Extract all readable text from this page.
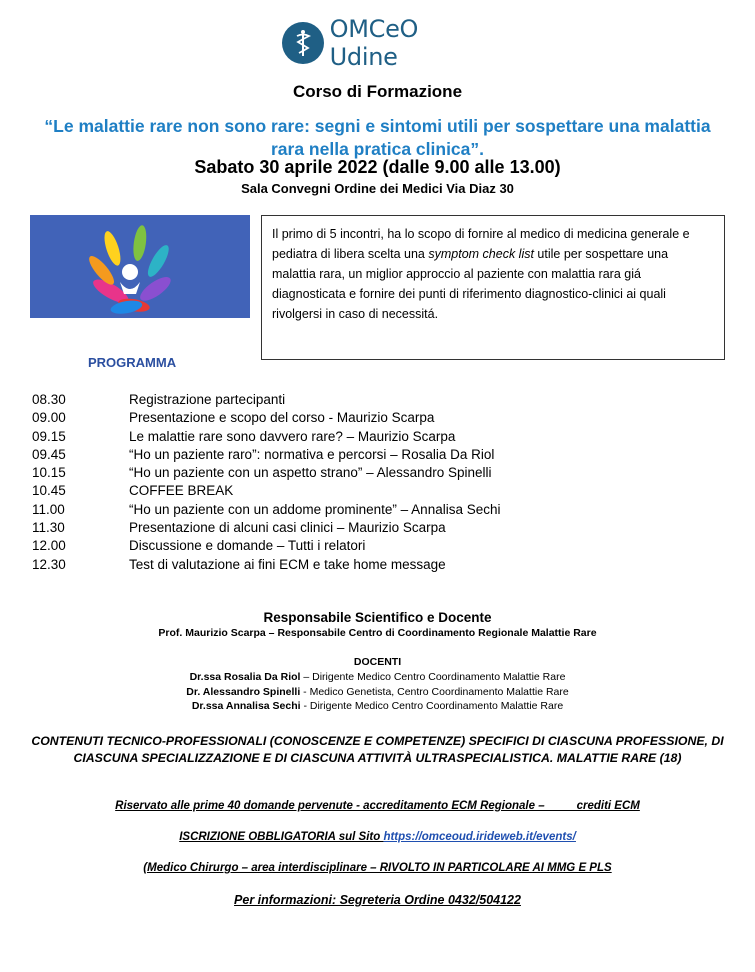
OMCeO Udine
Corso di Formazione
“Le malattie rare non sono rare: segni e sintomi utili per sospettare una malattia rara nella pratica clinica”.
Sabato 30 aprile 2022 (dalle 9.00 alle 13.00)
Sala Convegni Ordine dei Medici Via Diaz 30
Il primo di 5 incontri, ha lo scopo di fornire al medico di medicina generale e pediatra di libera scelta una symptom check list utile per sospettare una malattia rara, un miglior approccio al paziente con malattia rara giá diagnosticata e fornire dei punti di riferimento diagnostico-clinici ai quali rivolgersi in caso di necessitá.
PROGRAMMA
08.30	Registrazione partecipanti
09.00	Presentazione e scopo del corso - Maurizio Scarpa
09.15	Le malattie rare sono davvero rare? – Maurizio Scarpa
09.45	“Ho un paziente raro”: normativa e percorsi – Rosalia Da Riol
10.15	“Ho un paziente con un aspetto strano” – Alessandro Spinelli
10.45	COFFEE BREAK
11.00	“Ho un paziente con un addome prominente” – Annalisa Sechi
11.30	Presentazione di alcuni casi clinici – Maurizio Scarpa
12.00	Discussione e domande – Tutti i relatori
12.30	Test di valutazione ai fini ECM e take home message
Responsabile Scientifico e Docente
Prof. Maurizio Scarpa – Responsabile Centro di Coordinamento Regionale Malattie Rare
DOCENTI
Dr.ssa Rosalia Da Riol – Dirigente Medico Centro Coordinamento Malattie Rare
Dr. Alessandro Spinelli - Medico Genetista, Centro Coordinamento Malattie Rare
Dr.ssa Annalisa Sechi - Dirigente Medico Centro Coordinamento Malattie Rare
CONTENUTI TECNICO-PROFESSIONALI (CONOSCENZE E COMPETENZE) SPECIFICI DI CIASCUNA PROFESSIONE, DI CIASCUNA SPECIALIZZAZIONE E DI CIASCUNA ATTIVITÀ ULTRASPECIALISTICA. MALATTIE RARE (18)
Riservato alle prime 40 domande pervenute - accreditamento ECM Regionale – ____ crediti ECM
ISCRIZIONE OBBLIGATORIA sul Sito https://omceoud.irideweb.it/events/
(Medico Chirurgo – area interdisciplinare – RIVOLTO IN PARTICOLARE AI MMG E PLS
Per informazioni: Segreteria Ordine 0432/504122
